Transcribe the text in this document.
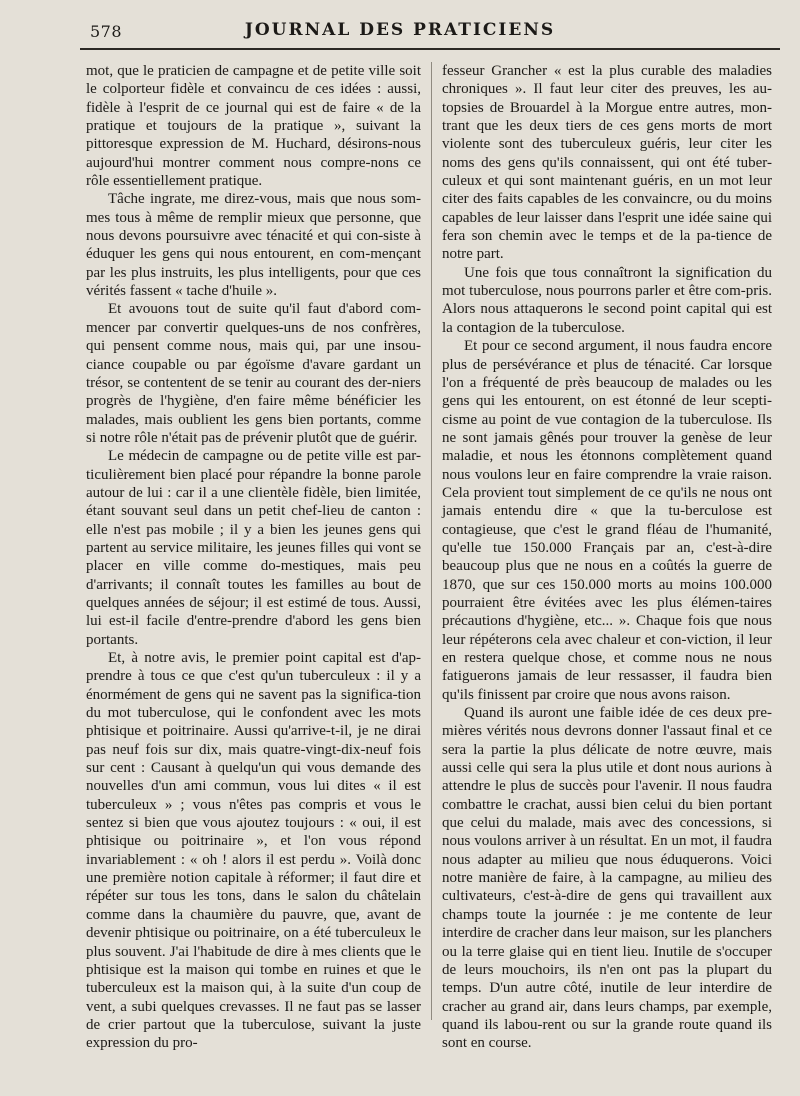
578	JOURNAL DES PRATICIENS

mot, que le praticien de campagne et de petite ville soit le colporteur fidèle et convaincu de ces idées : aussi, fidèle à l'esprit de ce journal qui est de faire « de la pratique et toujours de la pratique », suivant la pittoresque expression de M. Huchard, désirons-nous aujourd'hui montrer comment nous compre-nons ce rôle essentiellement pratique.

Tâche ingrate, me direz-vous, mais que nous som-mes tous à même de remplir mieux que personne, que nous devons poursuivre avec ténacité et qui con-siste à éduquer les gens qui nous entourent, en com-mençant par les plus instruits, les plus intelligents, pour que ces vérités fassent « tache d'huile ».

Et avouons tout de suite qu'il faut d'abord com-mencer par convertir quelques-uns de nos confrères, qui pensent comme nous, mais qui, par une insou-ciance coupable ou par égoïsme d'avare gardant un trésor, se contentent de se tenir au courant des der-niers progrès de l'hygiène, d'en faire même bénéficier les malades, mais oublient les gens bien portants, comme si notre rôle n'était pas de prévenir plutôt que de guérir.

Le médecin de campagne ou de petite ville est par-ticulièrement bien placé pour répandre la bonne parole autour de lui : car il a une clientèle fidèle, bien limitée, étant souvant seul dans un petit chef-lieu de canton : elle n'est pas mobile ; il y a bien les jeunes gens qui partent au service militaire, les jeunes filles qui vont se placer en ville comme do-mestiques, mais peu d'arrivants; il connaît toutes les familles au bout de quelques années de séjour; il est estimé de tous. Aussi, lui est-il facile d'entre-prendre d'abord les gens bien portants.

Et, à notre avis, le premier point capital est d'ap-prendre à tous ce que c'est qu'un tuberculeux : il y a énormément de gens qui ne savent pas la significa-tion du mot tuberculose, qui le confondent avec les mots phtisique et poitrinaire. Aussi qu'arrive-t-il, je ne dirai pas neuf fois sur dix, mais quatre-vingt-dix-neuf fois sur cent : Causant à quelqu'un qui vous demande des nouvelles d'un ami commun, vous lui dites « il est tuberculeux » ; vous n'êtes pas compris et vous le sentez si bien que vous ajoutez toujours : « oui, il est phtisique ou poitrinaire », et l'on vous répond invariablement : « oh ! alors il est perdu ». Voilà donc une première notion capitale à réformer; il faut dire et répéter sur tous les tons, dans le salon du châtelain comme dans la chaumière du pauvre, que, avant de devenir phtisique ou poitrinaire, on a été tuberculeux le plus souvent. J'ai l'habitude de dire à mes clients que le phtisique est la maison qui tombe en ruines et que le tuberculeux est la maison qui, à la suite d'un coup de vent, a subi quelques crevasses. Il ne faut pas se lasser de crier partout que la tuberculose, suivant la juste expression du pro-

fesseur Grancher « est la plus curable des maladies chroniques ». Il faut leur citer des preuves, les au-topsies de Brouardel à la Morgue entre autres, mon-trant que les deux tiers de ces gens morts de mort violente sont des tuberculeux guéris, leur citer les noms des gens qu'ils connaissent, qui ont été tuber-culeux et qui sont maintenant guéris, en un mot leur citer des faits capables de les convaincre, ou du moins capables de leur laisser dans l'esprit une idée saine qui fera son chemin avec le temps et de la pa-tience de notre part.

Une fois que tous connaîtront la signification du mot tuberculose, nous pourrons parler et être com-pris. Alors nous attaquerons le second point capital qui est la contagion de la tuberculose.

Et pour ce second argument, il nous faudra encore plus de persévérance et plus de ténacité. Car lorsque l'on a fréquenté de près beaucoup de malades ou les gens qui les entourent, on est étonné de leur scepti-cisme au point de vue contagion de la tuberculose. Ils ne sont jamais gênés pour trouver la genèse de leur maladie, et nous les étonnons complètement quand nous voulons leur en faire comprendre la vraie raison. Cela provient tout simplement de ce qu'ils ne nous ont jamais entendu dire « que la tu-berculose est contagieuse, que c'est le grand fléau de l'humanité, qu'elle tue 150.000 Français par an, c'est-à-dire beaucoup plus que ne nous en a coûtés la guerre de 1870, que sur ces 150.000 morts au moins 100.000 pourraient être évitées avec les plus élémen-taires précautions d'hygiène, etc... ». Chaque fois que nous leur répéterons cela avec chaleur et con-viction, il leur en restera quelque chose, et comme nous ne nous fatiguerons jamais de leur ressasser, il faudra bien qu'ils finissent par croire que nous avons raison.

Quand ils auront une faible idée de ces deux pre-mières vérités nous devrons donner l'assaut final et ce sera la partie la plus délicate de notre œuvre, mais aussi celle qui sera la plus utile et dont nous aurions à attendre le plus de succès pour l'avenir. Il nous faudra combattre le crachat, aussi bien celui du bien portant que celui du malade, mais avec des concessions, si nous voulons arriver à un résultat. En un mot, il faudra nous adapter au milieu que nous éduquerons. Voici notre manière de faire, à la campagne, au milieu des cultivateurs, c'est-à-dire de gens qui travaillent aux champs toute la journée : je me contente de leur interdire de cracher dans leur maison, sur les planchers ou la terre glaise qui en tient lieu. Inutile de s'occuper de leurs mouchoirs, ils n'en ont pas la plupart du temps. D'un autre côté, inutile de leur interdire de cracher au grand air, dans leurs champs, par exemple, quand ils labou-rent ou sur la grande route quand ils sont en course.
